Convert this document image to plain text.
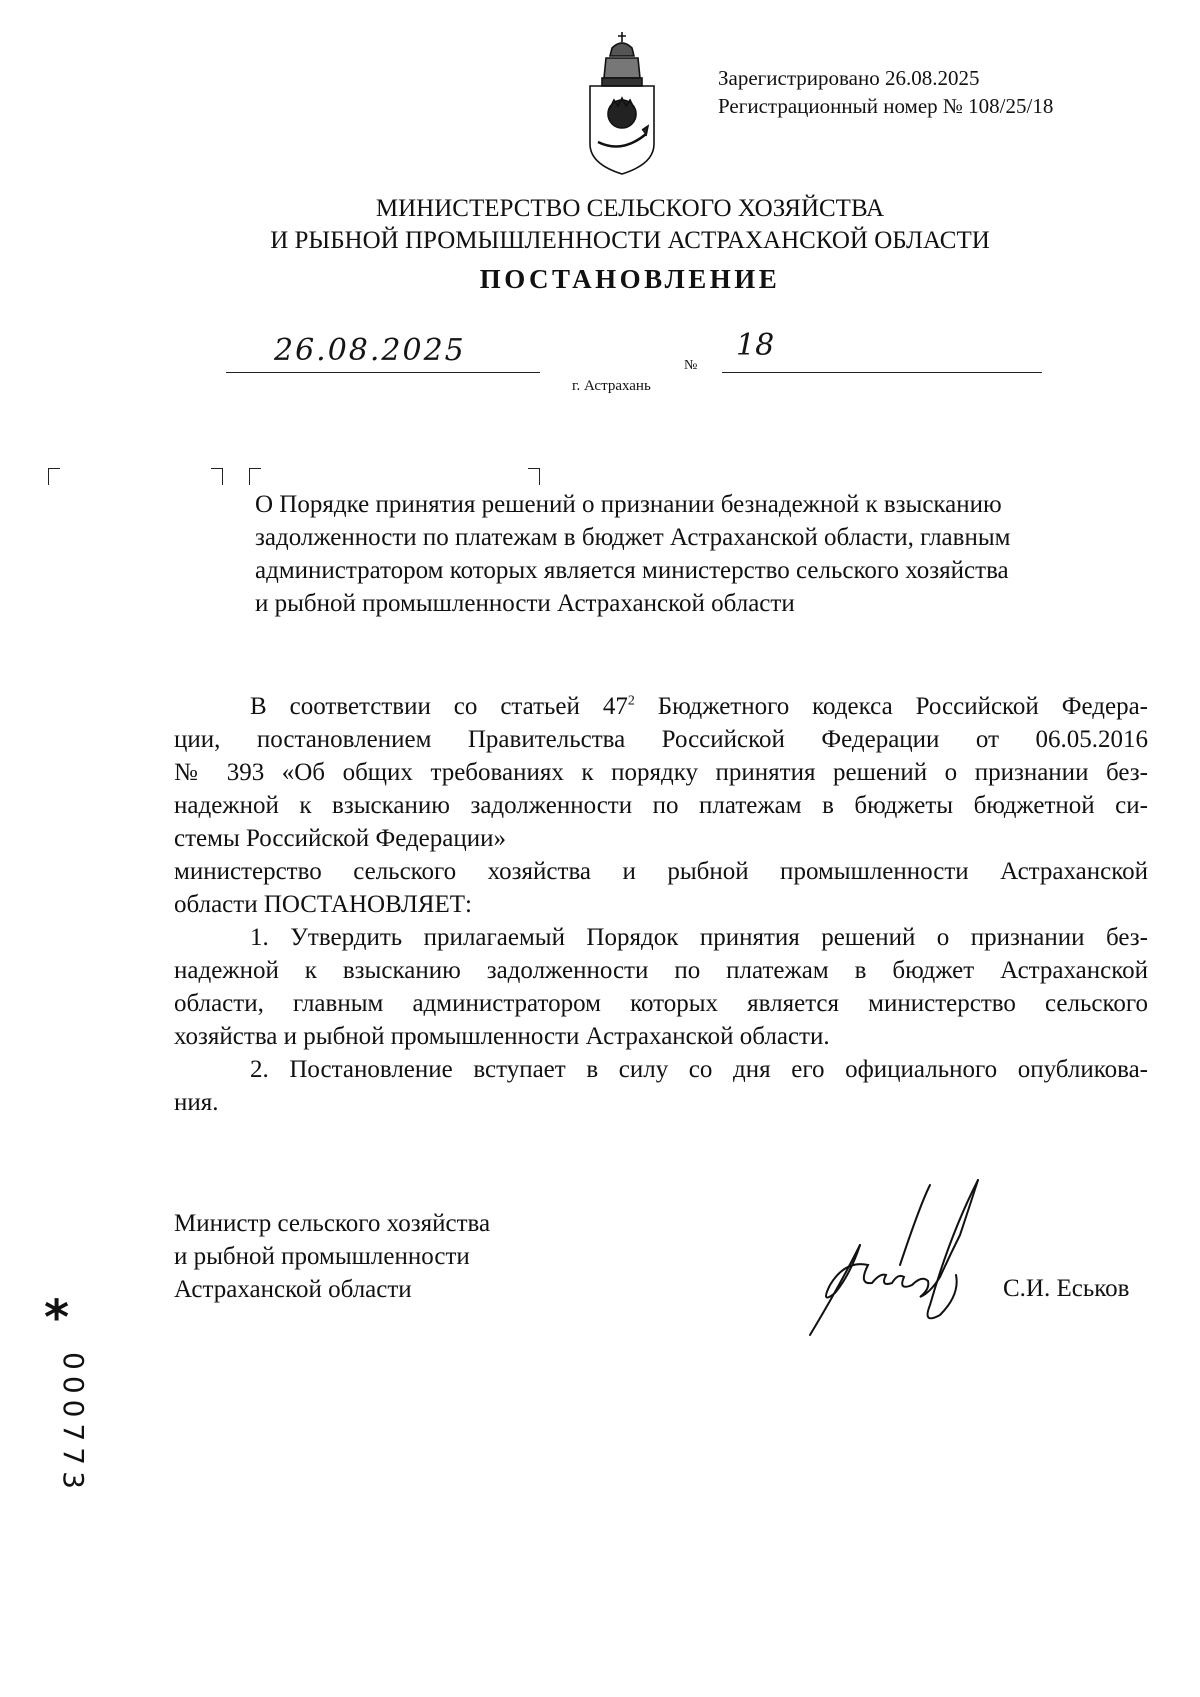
Зарегистрировано 26.08.2025
Регистрационный номер № 108/25/18
МИНИСТЕРСТВО СЕЛЬСКОГО ХОЗЯЙСТВА
И РЫБНОЙ ПРОМЫШЛЕННОСТИ АСТРАХАНСКОЙ ОБЛАСТИ
ПОСТАНОВЛЕНИЕ
26.08.2025	№
18
г. Астрахань
О Порядке принятия решений о признании безнадежной к взысканию
задолженности по платежам в бюджет Астраханской области, главным
администратором которых является министерство сельского хозяйства
и рыбной промышленности Астраханской области
В соответствии со статьей $47^2$ Бюджетного кодекса Российской Федера-
ции, постановлением Правительства Российской Федерации от 06.05.2016
№ 393 «Об общих требованиях к порядку принятия решений о признании без-
надежной к взысканию задолженности по платежам в бюджеты бюджетной си-
стемы Российской Федерации»
министерство сельского хозяйства и рыбной промышленности Астраханской
области ПОСТАНОВЛЯЕТ:
1. Утвердить прилагаемый Порядок принятия решений о признании без-
надежной к взысканию задолженности по платежам в бюджет Астраханской
области, главным администратором которых является министерство сельского
хозяйства и рыбной промышленности Астраханской области.
2. Постановление вступает в силу со дня его официального опубликова-
ния.
Министр сельского хозяйства
и рыбной промышленности
Астраханской области	С.И. Еськов
*
000773
